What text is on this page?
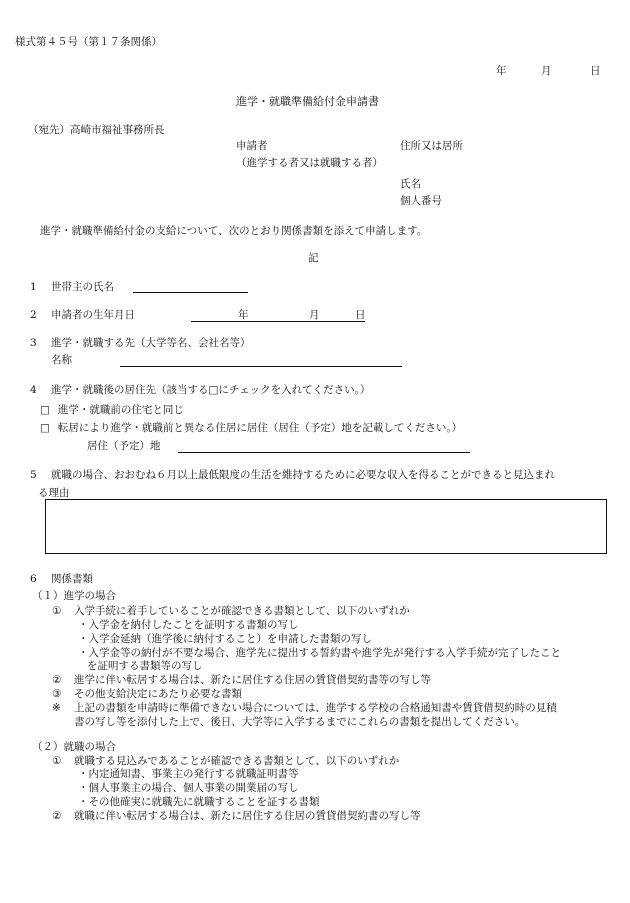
様式第４５号（第１７条関係）
年	月	日
進学・就職準備給付金申請書
（宛先）高崎市福祉事務所長
申請者	住所又は居所
（進学する者又は就職する者）
氏名
個人番号
進学・就職準備給付金の支給について、次のとおり関係書類を添えて申請します。
記
1 世帯主の氏名
2 申請者の生年月日	年	月	日
3 進学・就職する先（大学等名、会社名等）
名称
4 進学・就職後の居住先（該当する□にチェックを入れてください。）
□ 進学・就職前の住宅と同じ
□ 転居により進学・就職前と異なる住居に居住（居住（予定）地を記載してください。）
居住（予定）地
5 就職の場合、おおむね６月以上最低限度の生活を維持するために必要な収入を得ることができると見込まれ
る理由
6 関係書類
（１）進学の場合
① 入学手続に着手していることが確認できる書類として、以下のいずれか
・入学金を納付したことを証明する書類の写し
・入学金延納（進学後に納付すること）を申請した書類の写し
・入学金等の納付が不要な場合、進学先に提出する誓約書や進学先が発行する入学手続が完了したこと
を証明する書類等の写し
② 進学に伴い転居する場合は、新たに居住する住居の賃貸借契約書等の写し等
③ その他支給決定にあたり必要な書類
※ 上記の書類を申請時に準備できない場合については、進学する学校の合格通知書や賃貸借契約時の見積
書の写し等を添付した上で、後日、大学等に入学するまでにこれらの書類を提出してください。
（２）就職の場合
① 就職する見込みであることが確認できる書類として、以下のいずれか
・内定通知書、事業主の発行する就職証明書等
・個人事業主の場合、個人事業の開業届の写し
・その他確実に就職先に就職することを証する書類
② 就職に伴い転居する場合は、新たに居住する住居の賃貸借契約書の写し等
